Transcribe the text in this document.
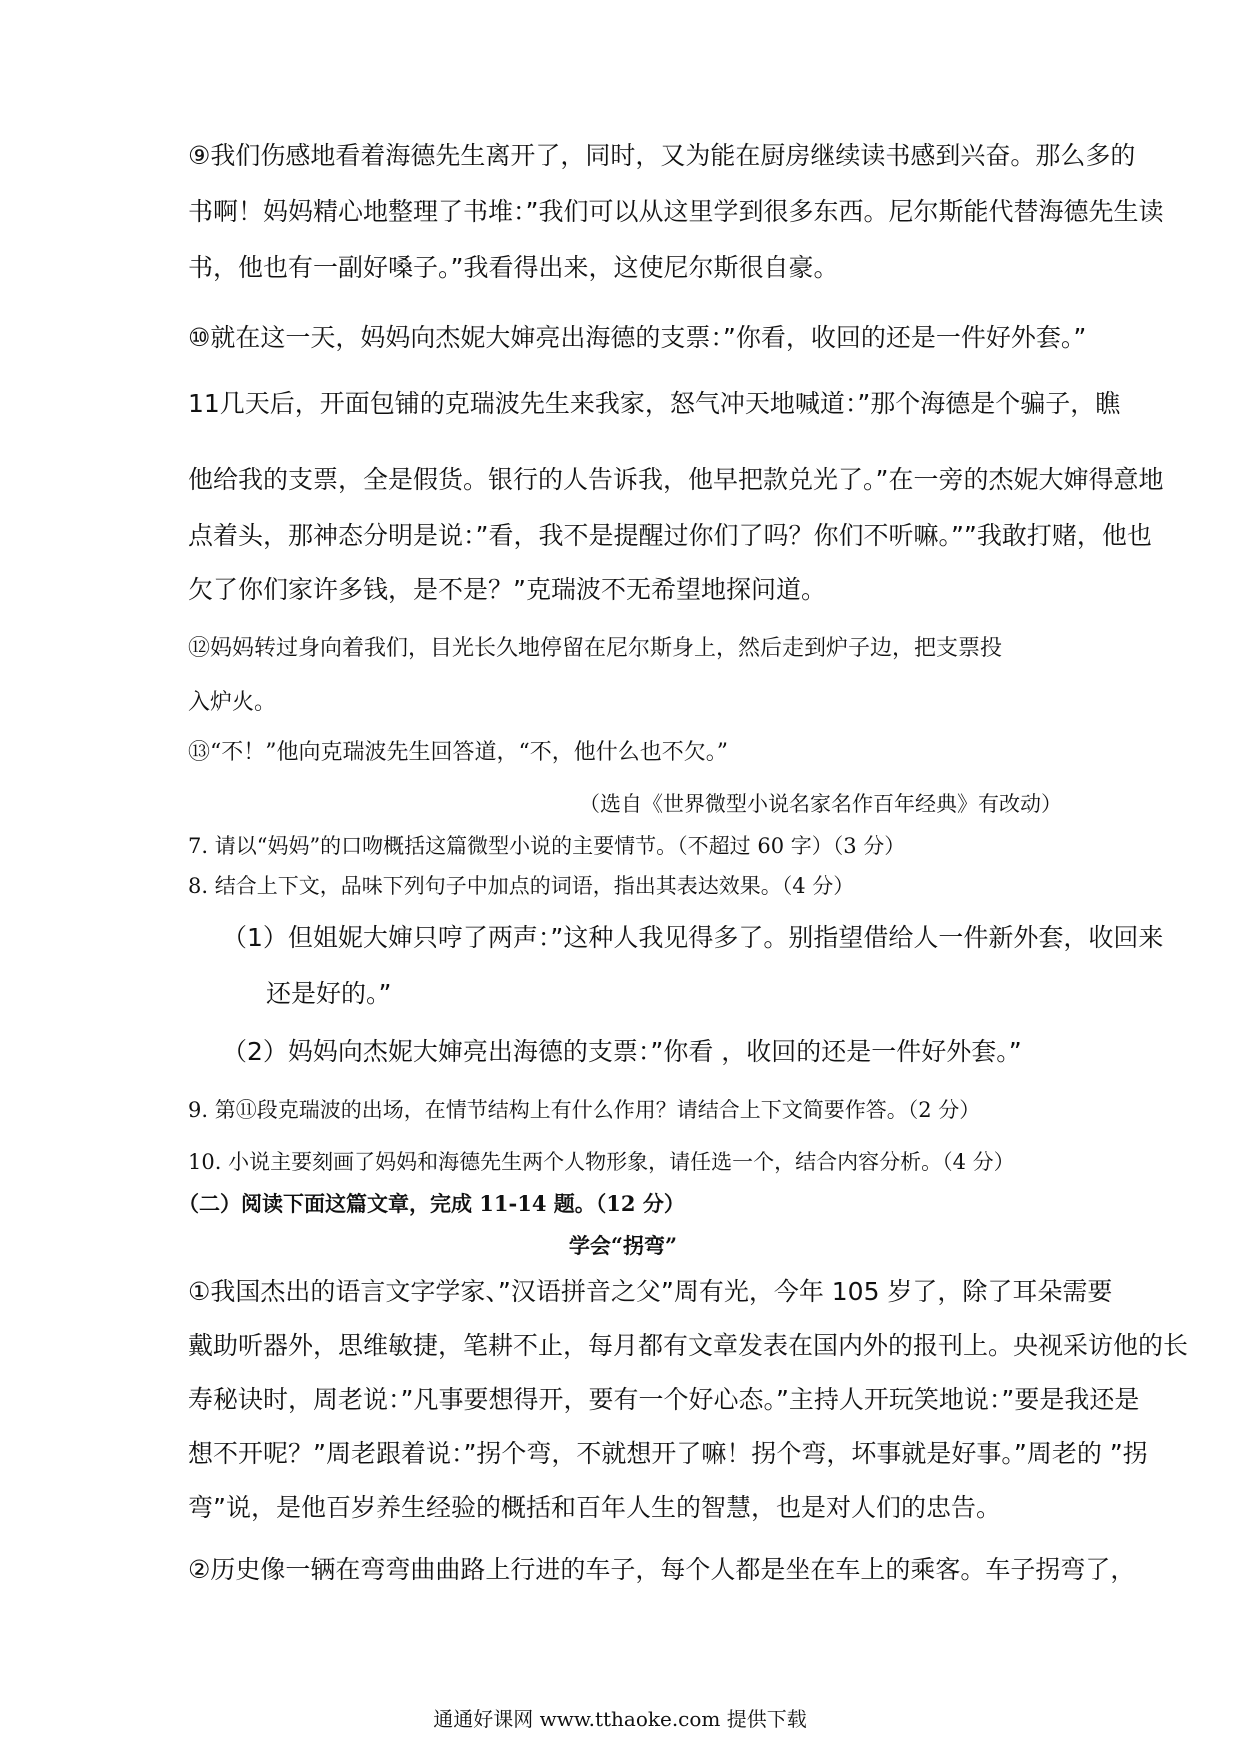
⑨我们伤感地看着海德先生离开了，同时，又为能在厨房继续读书感到兴奋。那么多的
书啊！妈妈精心地整理了书堆：”我们可以从这里学到很多东西。尼尔斯能代替海德先生读
书，他也有一副好嗓子。”我看得出来，这使尼尔斯很自豪。
⑩就在这一天，妈妈向杰妮大婶亮出海德的支票：”你看，收回的还是一件好外套。”
11几天后，开面包铺的克瑞波先生来我家，怒气冲天地喊道：”那个海德是个骗子，瞧
他给我的支票，全是假货。银行的人告诉我，他早把款兑光了。”在一旁的杰妮大婶得意地
点着头，那神态分明是说：”看，我不是提醒过你们了吗？你们不听嘛。””我敢打赌，他也
欠了你们家许多钱，是不是？”克瑞波不无希望地探问道。
⑫妈妈转过身向着我们，目光长久地停留在尼尔斯身上，然后走到炉子边，把支票投
入炉火。
⑬“不！”他向克瑞波先生回答道，“不，他什么也不欠。”
（选自《世界微型小说名家名作百年经典》有改动）
7. 请以“妈妈”的口吻概括这篇微型小说的主要情节。（不超过 60 字）（3 分）
8. 结合上下文，品味下列句子中加点的词语，指出其表达效果。（4 分）
（1）但姐妮大婶只哼了两声：”这种人我见得多了。别指望借给人一件新外套，收回来
还是好的。”
（2）妈妈向杰妮大婶亮出海德的支票：”你看 ，收回的还是一件好外套。”
9. 第⑪段克瑞波的出场，在情节结构上有什么作用？请结合上下文简要作答。（2 分）
10. 小说主要刻画了妈妈和海德先生两个人物形象，请任选一个，结合内容分析。（4 分）
（二）阅读下面这篇文章，完成 11-14 题。（12 分）
学会“拐弯”
①我国杰出的语言文字学家、”汉语拼音之父”周有光，今年 105 岁了，除了耳朵需要
戴助听器外，思维敏捷，笔耕不止，每月都有文章发表在国内外的报刊上。央视采访他的长
寿秘诀时，周老说：”凡事要想得开，要有一个好心态。”主持人开玩笑地说：”要是我还是
想不开呢？”周老跟着说：”拐个弯，不就想开了嘛！拐个弯，坏事就是好事。”周老的 ”拐
弯”说，是他百岁养生经验的概括和百年人生的智慧，也是对人们的忠告。
②历史像一辆在弯弯曲曲路上行进的车子，每个人都是坐在车上的乘客。车子拐弯了，
通通好课网 www.tthaoke.com 提供下载
